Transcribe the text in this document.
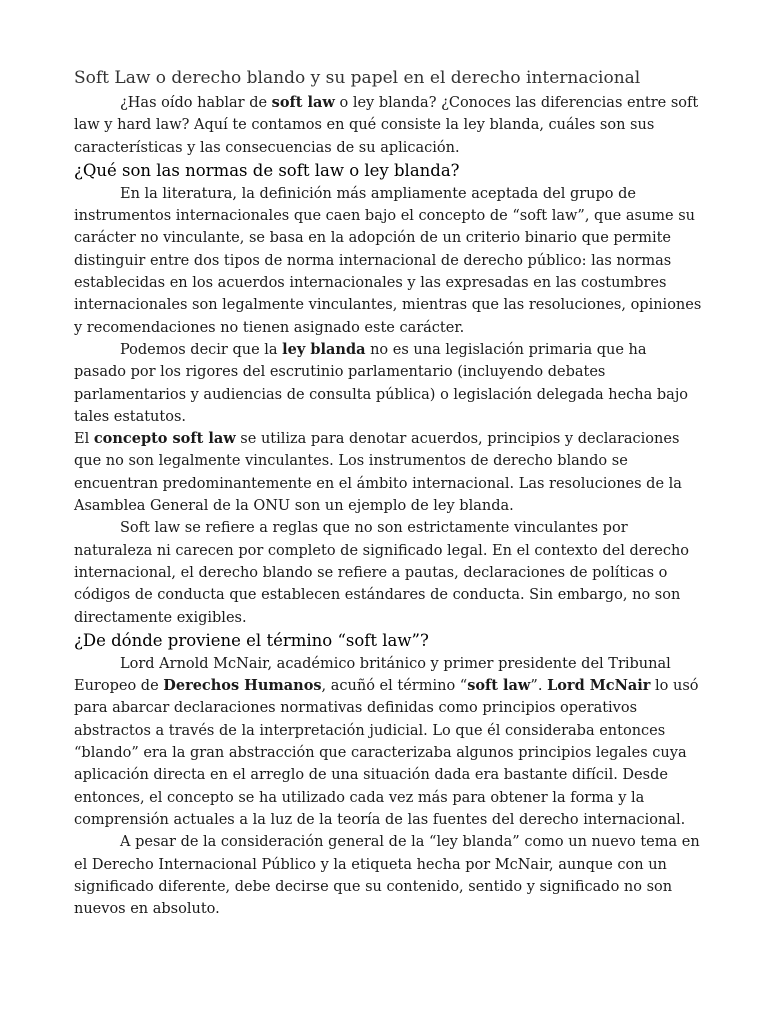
Soft Law o derecho blando y su papel en el derecho internacional

¿Has oído hablar de soft law o ley blanda? ¿Conoces las diferencias entre soft law y hard law? Aquí te contamos en qué consiste la ley blanda, cuáles son sus características y las consecuencias de su aplicación.

¿Qué son las normas de soft law o ley blanda?

En la literatura, la definición más ampliamente aceptada del grupo de instrumentos internacionales que caen bajo el concepto de “soft law”, que asume su carácter no vinculante, se basa en la adopción de un criterio binario que permite distinguir entre dos tipos de norma internacional de derecho público: las normas establecidas en los acuerdos internacionales y las expresadas en las costumbres internacionales son legalmente vinculantes, mientras que las resoluciones, opiniones y recomendaciones no tienen asignado este carácter.

Podemos decir que la ley blanda no es una legislación primaria que ha pasado por los rigores del escrutinio parlamentario (incluyendo debates parlamentarios y audiencias de consulta pública) o legislación delegada hecha bajo tales estatutos.

El concepto soft law se utiliza para denotar acuerdos, principios y declaraciones que no son legalmente vinculantes. Los instrumentos de derecho blando se encuentran predominantemente en el ámbito internacional. Las resoluciones de la Asamblea General de la ONU son un ejemplo de ley blanda.

Soft law se refiere a reglas que no son estrictamente vinculantes por naturaleza ni carecen por completo de significado legal. En el contexto del derecho internacional, el derecho blando se refiere a pautas, declaraciones de políticas o códigos de conducta que establecen estándares de conducta. Sin embargo, no son directamente exigibles.

¿De dónde proviene el término “soft law”?

Lord Arnold McNair, académico británico y primer presidente del Tribunal Europeo de Derechos Humanos, acuñó el término “soft law”. Lord McNair lo usó para abarcar declaraciones normativas definidas como principios operativos abstractos a través de la interpretación judicial. Lo que él consideraba entonces “blando” era la gran abstracción que caracterizaba algunos principios legales cuya aplicación directa en el arreglo de una situación dada era bastante difícil. Desde entonces, el concepto se ha utilizado cada vez más para obtener la forma y la comprensión actuales a la luz de la teoría de las fuentes del derecho internacional.

A pesar de la consideración general de la “ley blanda” como un nuevo tema en el Derecho Internacional Público y la etiqueta hecha por McNair, aunque con un significado diferente, debe decirse que su contenido, sentido y significado no son nuevos en absoluto.
